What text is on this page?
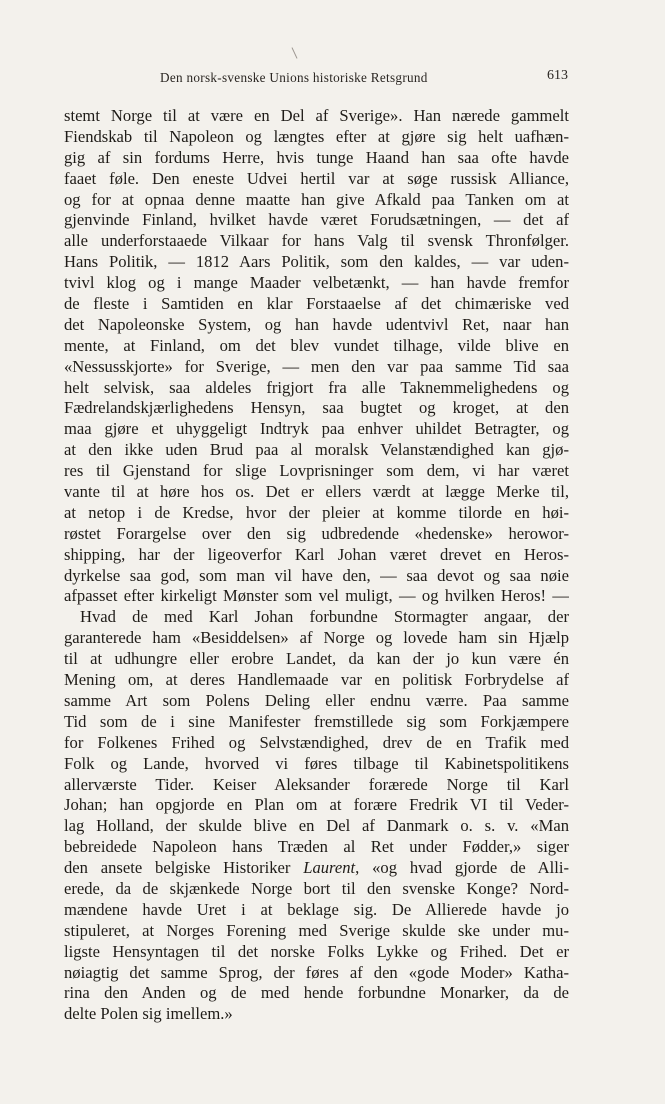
Den norsk-svenske Unions historiske Retsgrund	613
stemt Norge til at være en Del af Sverige». Han nærede gammelt
Fiendskab til Napoleon og længtes efter at gjøre sig helt uafhæn-
gig af sin fordums Herre, hvis tunge Haand han saa ofte havde
faaet føle. Den eneste Udvei hertil var at søge russisk Alliance,
og for at opnaa denne maatte han give Afkald paa Tanken om at
gjenvinde Finland, hvilket havde været Forudsætningen, — det af
alle underforstaaede Vilkaar for hans Valg til svensk Thronfølger.
Hans Politik, — 1812 Aars Politik, som den kaldes, — var uden-
tvivl klog og i mange Maader velbetænkt, — han havde fremfor
de fleste i Samtiden en klar Forstaaelse af det chimæriske ved
det Napoleonske System, og han havde udentvivl Ret, naar han
mente, at Finland, om det blev vundet tilhage, vilde blive en
«Nessusskjorte» for Sverige, — men den var paa samme Tid saa
helt selvisk, saa aldeles frigjort fra alle Taknemmelighedens og
Fædrelandskjærlighedens Hensyn, saa bugtet og kroget, at den
maa gjøre et uhyggeligt Indtryk paa enhver uhildet Betragter, og
at den ikke uden Brud paa al moralsk Velanstændighed kan gjø-
res til Gjenstand for slige Lovprisninger som dem, vi har været
vante til at høre hos os. Det er ellers værdt at lægge Merke til,
at netop i de Kredse, hvor der pleier at komme tilorde en høi-
røstet Forargelse over den sig udbredende «hedenske» herowor-
shipping, har der ligeoverfor Karl Johan været drevet en Heros-
dyrkelse saa god, som man vil have den, — saa devot og saa nøie
afpasset efter kirkeligt Mønster som vel muligt, — og hvilken Heros! —
Hvad de med Karl Johan forbundne Stormagter angaar, der
garanterede ham «Besiddelsen» af Norge og lovede ham sin Hjælp
til at udhungre eller erobre Landet, da kan der jo kun være én
Mening om, at deres Handlemaade var en politisk Forbrydelse af
samme Art som Polens Deling eller endnu værre. Paa samme
Tid som de i sine Manifester fremstillede sig som Forkjæmpere
for Folkenes Frihed og Selvstændighed, drev de en Trafik med
Folk og Lande, hvorved vi føres tilbage til Kabinetspolitikens
allerværste Tider. Keiser Aleksander forærede Norge til Karl
Johan; han opgjorde en Plan om at forære Fredrik VI til Veder-
lag Holland, der skulde blive en Del af Danmark o. s. v. «Man
bebreidede Napoleon hans Træden al Ret under Fødder,» siger
den ansete belgiske Historiker Laurent, «og hvad gjorde de Alli-
erede, da de skjænkede Norge bort til den svenske Konge? Nord-
mændene havde Uret i at beklage sig. De Allierede havde jo
stipuleret, at Norges Forening med Sverige skulde ske under mu-
ligste Hensyntagen til det norske Folks Lykke og Frihed. Det er
nøiagtig det samme Sprog, der føres af den «gode Moder» Katha-
rina den Anden og de med hende forbundne Monarker, da de
delte Polen sig imellem.»
